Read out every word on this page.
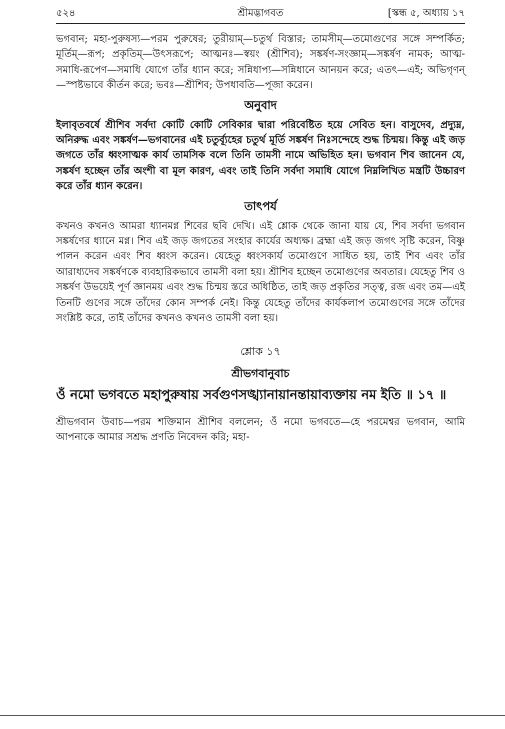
৫২৪	শ্রীমদ্ভাগবত	[স্কন্ধ ৫, অধ্যায় ১৭

ভগবান; মহা-পুরুষস্য—পরম পুরুষের; তুরীয়াম্—চতুর্থ বিস্তার; তামসীম্—তমোগুণের সঙ্গে সম্পর্কিত; মূর্তিম্—রূপ; প্রকৃতিম্—উৎসরূপে; আত্মনঃ—স্বয়ং (শ্রীশিব); সঙ্কর্ষণ-সংজ্ঞাম্—সঙ্কর্ষণ নামক; আত্ম-সমাধি-রূপেণ—সমাধি যোগে তাঁর ধ্যান করে; সন্নিধাপ্য—সন্নিধানে আনয়ন করে; এতৎ—এই; অভিগৃণন্—স্পষ্টভাবে কীর্তন করে; ভবঃ—শ্রীশিব; উপধাবতি—পূজা করেন।

অনুবাদ

ইলাবৃতবর্ষে শ্রীশিব সর্বদা কোটি কোটি সেবিকার দ্বারা পরিবেষ্টিত হয়ে সেবিত হন। বাসুদেব, প্রদ্যুম্ন, অনিরুদ্ধ এবং সঙ্কর্ষণ—ভগবানের এই চতুর্ব্যূহের চতুর্থ মূর্তি সঙ্কর্ষণ নিঃসন্দেহে শুদ্ধ চিন্ময়। কিন্তু এই জড় জগতে তাঁর ধ্বংসাত্মক কার্য তামসিক বলে তিনি তামসী নামে অভিহিত হন। ভগবান শিব জানেন যে, সঙ্কর্ষণ হচ্ছেন তাঁর অংশী বা মূল কারণ, এবং তাই তিনি সর্বদা সমাধি যোগে নিম্নলিখিত মন্ত্রটি উচ্চারণ করে তাঁর ধ্যান করেন।

তাৎপর্য

কখনও কখনও আমরা ধ্যানমগ্ন শিবের ছবি দেখি। এই শ্লোক থেকে জানা যায় যে, শিব সর্বদা ভগবান সঙ্কর্ষণের ধ্যানে মগ্ন। শিব এই জড় জগতের সংহার কার্যের অধ্যক্ষ। ব্রহ্মা এই জড় জগৎ সৃষ্টি করেন, বিষ্ণু পালন করেন এবং শিব ধ্বংস করেন। যেহেতু ধ্বংসকার্য তমোগুণে সাধিত হয়, তাই শিব এবং তাঁর আরাধ্যদেব সঙ্কর্ষণকে ব্যবহারিকভাবে তামসী বলা হয়। শ্রীশিব হচ্ছেন তমোগুণের অবতার। যেহেতু শিব ও সঙ্কর্ষণ উভয়েই পূর্ণ জ্ঞানময় এবং শুদ্ধ চিন্ময় স্তরে অধিষ্ঠিত, তাই জড় প্রকৃতির সত্ত্ব, রজ এবং তম—এই তিনটি গুণের সঙ্গে তাঁদের কোন সম্পর্ক নেই। কিন্তু যেহেতু তাঁদের কার্যকলাপ তমোগুণের সঙ্গে তাঁদের সংশ্লিষ্ট করে, তাই তাঁদের কখনও কখনও তামসী বলা হয়।

শ্লোক ১৭
শ্রীভগবানুবাচ

ওঁ নমো ভগবতে মহাপুরুষায় সর্বগুণসঙ্খ্যানায়ানন্তায়াব্যক্তায় নম ইতি ॥ ১৭ ॥

শ্রীভগবান উবাচ—পরম শক্তিমান শ্রীশিব বললেন; ওঁ নমো ভগবতে—হে পরমেশ্বর ভগবান, আমি আপনাকে আমার সশ্রদ্ধ প্রণতি নিবেদন করি; মহা-
